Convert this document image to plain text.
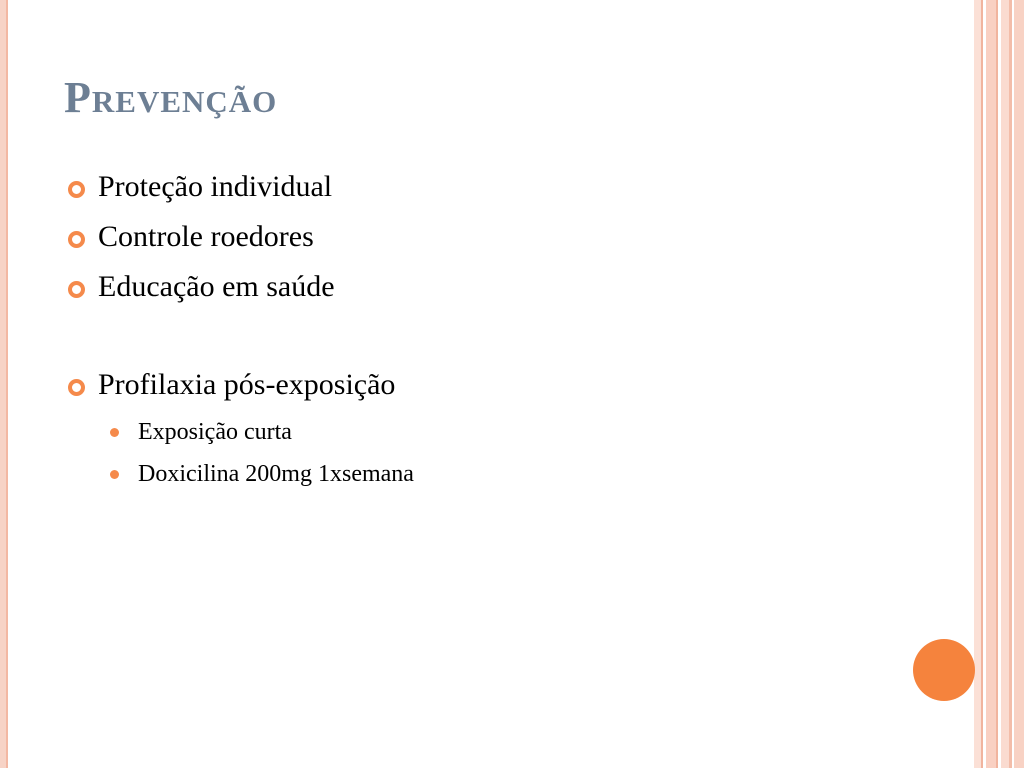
Prevenção
Proteção individual
Controle roedores
Educação em saúde
Profilaxia pós-exposição
Exposição curta
Doxicilina 200mg 1xsemana
